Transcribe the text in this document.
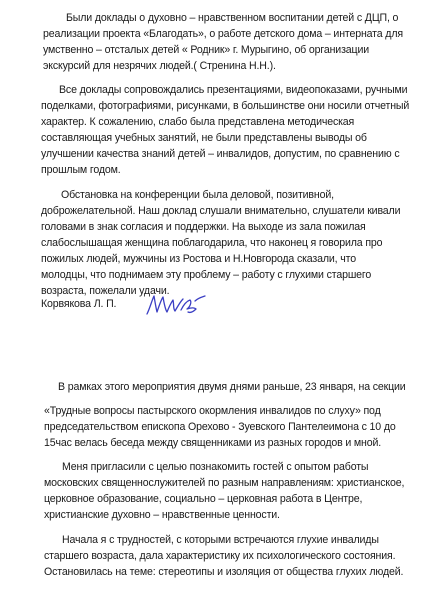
Были доклады о духовно – нравственном воспитании детей с ДЦП, о
реализации проекта «Благодать», о работе детского дома – интерната для
умственно – отсталых детей « Родник» г. Мурыгино, об организации
экскурсий для незрячих людей.( Стренина Н.Н.).
Все доклады сопровождались презентациями, видеопоказами, ручными
поделками, фотографиями, рисунками, в большинстве они носили отчетный
характер. К сожалению, слабо была представлена методическая
составляющая учебных занятий, не были представлены выводы об
улучшении качества знаний детей – инвалидов, допустим, по сравнению с
прошлым годом.
Обстановка на конференции была деловой, позитивной,
доброжелательной. Наш доклад слушали внимательно, слушатели кивали
головами в знак согласия и поддержки. На выходе из зала пожилая
слабослышащая женщина поблагодарила, что наконец я говорила про
пожилых людей, мужчины из Ростова и Н.Новгорода сказали, что
молодцы, что поднимаем эту проблему – работу с глухими старшего
возраста, пожелали удачи.
Корвякова Л. П.
В рамках этого мероприятия двумя днями раньше, 23 января, на секции
«Трудные вопросы пастырского окормления инвалидов по слуху» под
председательством епископа Орехово - Зуевского Пантелеимона с 10 до
15час велась беседа между священниками из разных городов и мной.
Меня пригласили с целью познакомить гостей с опытом работы
московских священнослужителей по разным направлениям: христианское,
церковное образование, социально – церковная работа в Центре,
христианские духовно – нравственные ценности.
Начала я с трудностей, с которыми встречаются глухие инвалиды
старшего возраста, дала характеристику их психологического состояния.
Остановилась на теме: стереотипы и изоляция от общества глухих людей.
